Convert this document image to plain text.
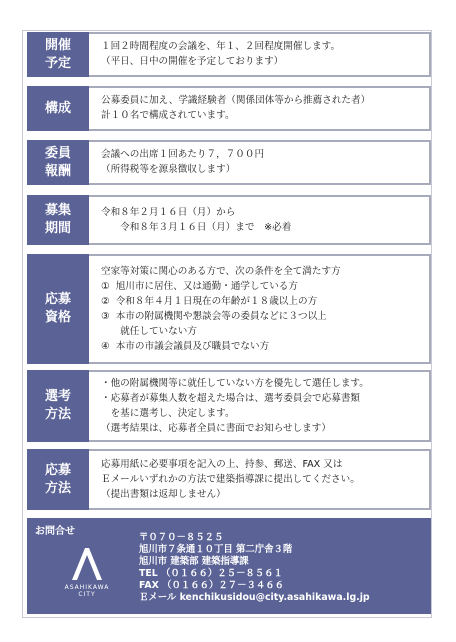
開催
予定
１回２時間程度の会議を、年１、２回程度開催します。
（平日、日中の開催を予定しております）
構成	公募委員に加え、学識経験者（関係団体等から推薦された者）
計１０名で構成されています。
委員
報酬
会議への出席１回あたり７，７００円
（所得税等を源泉徴収します）
募集
期間
令和８年２月１６日（月）から
　　令和８年３月１６日（月）まで　※必着
応募
資格
空家等対策に関心のある方で、次の条件を全て満たす方
①  旭川市に居住、又は通勤・通学している方
②  令和８年４月１日現在の年齢が１８歳以上の方
③  本市の附属機関や懇談会等の委員などに３つ以上
　　就任していない方
④  本市の市議会議員及び職員でない方
選考
方法
・他の附属機関等に就任していない方を優先して選任します。
・応募者が募集人数を超えた場合は、選考委員会で応募書類
　を基に選考し、決定します。
（選考結果は、応募者全員に書面でお知らせします）
応募
方法
応募用紙に必要事項を記入の上、持参、郵送、FAX 又は
Ｅメールいずれかの方法で建築指導課に提出してください。
（提出書類は返却しません）
お問合せ
ASAHIKAWA
CITY
〒０７０－８５２５
旭川市７条通１０丁目 第二庁舎３階
旭川市 建築部 建築指導課
TEL （０１６６）２５－８５６１
FAX （０１６６）２７－３４６６
Ｅメール kenchikusidou@city.asahikawa.lg.jp
